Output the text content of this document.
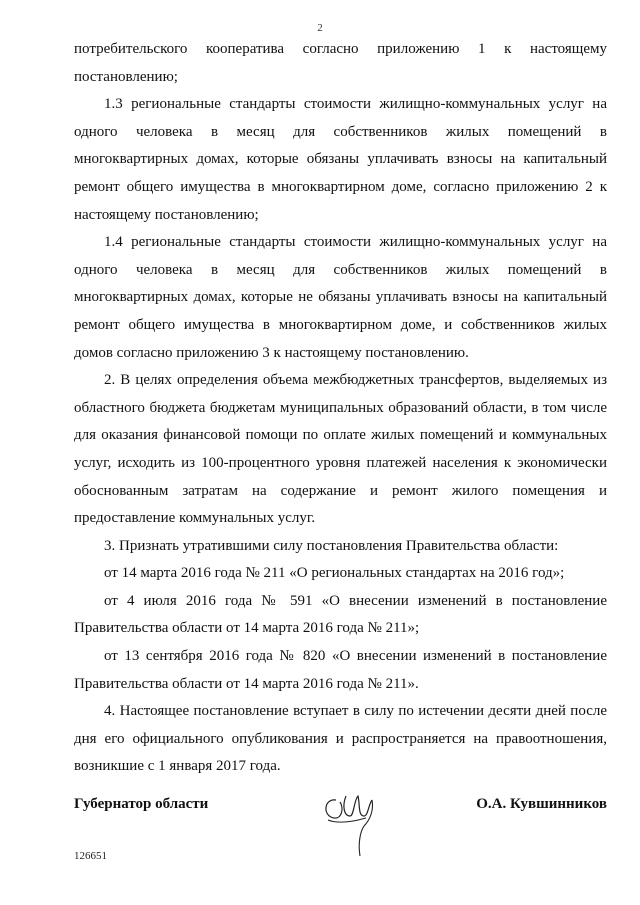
2

потребительского кооператива согласно приложению 1 к настоящему постановлению;

1.3 региональные стандарты стоимости жилищно-коммунальных услуг на одного человека в месяц для собственников жилых помещений в многоквартирных домах, которые обязаны уплачивать взносы на капитальный ремонт общего имущества в многоквартирном доме, согласно приложению 2 к настоящему постановлению;

1.4 региональные стандарты стоимости жилищно-коммунальных услуг на одного человека в месяц для собственников жилых помещений в многоквартирных домах, которые не обязаны уплачивать взносы на капитальный ремонт общего имущества в многоквартирном доме, и собственников жилых домов согласно приложению 3 к настоящему постановлению.

2. В целях определения объема межбюджетных трансфертов, выделяемых из областного бюджета бюджетам муниципальных образований области, в том числе для оказания финансовой помощи по оплате жилых помещений и коммунальных услуг, исходить из 100-процентного уровня платежей населения к экономически обоснованным затратам на содержание и ремонт жилого помещения и предоставление коммунальных услуг.

3. Признать утратившими силу постановления Правительства области:

от 14 марта 2016 года № 211 «О региональных стандартах на 2016 год»;

от 4 июля 2016 года № 591 «О внесении изменений в постановление Правительства области от 14 марта 2016 года № 211»;

от 13 сентября 2016 года № 820 «О внесении изменений в постановление Правительства области от 14 марта 2016 года № 211».

4. Настоящее постановление вступает в силу по истечении десяти дней после дня его официального опубликования и распространяется на правоотношения, возникшие с 1 января 2017 года.

Губернатор области	О.А. Кувшинников
126651
